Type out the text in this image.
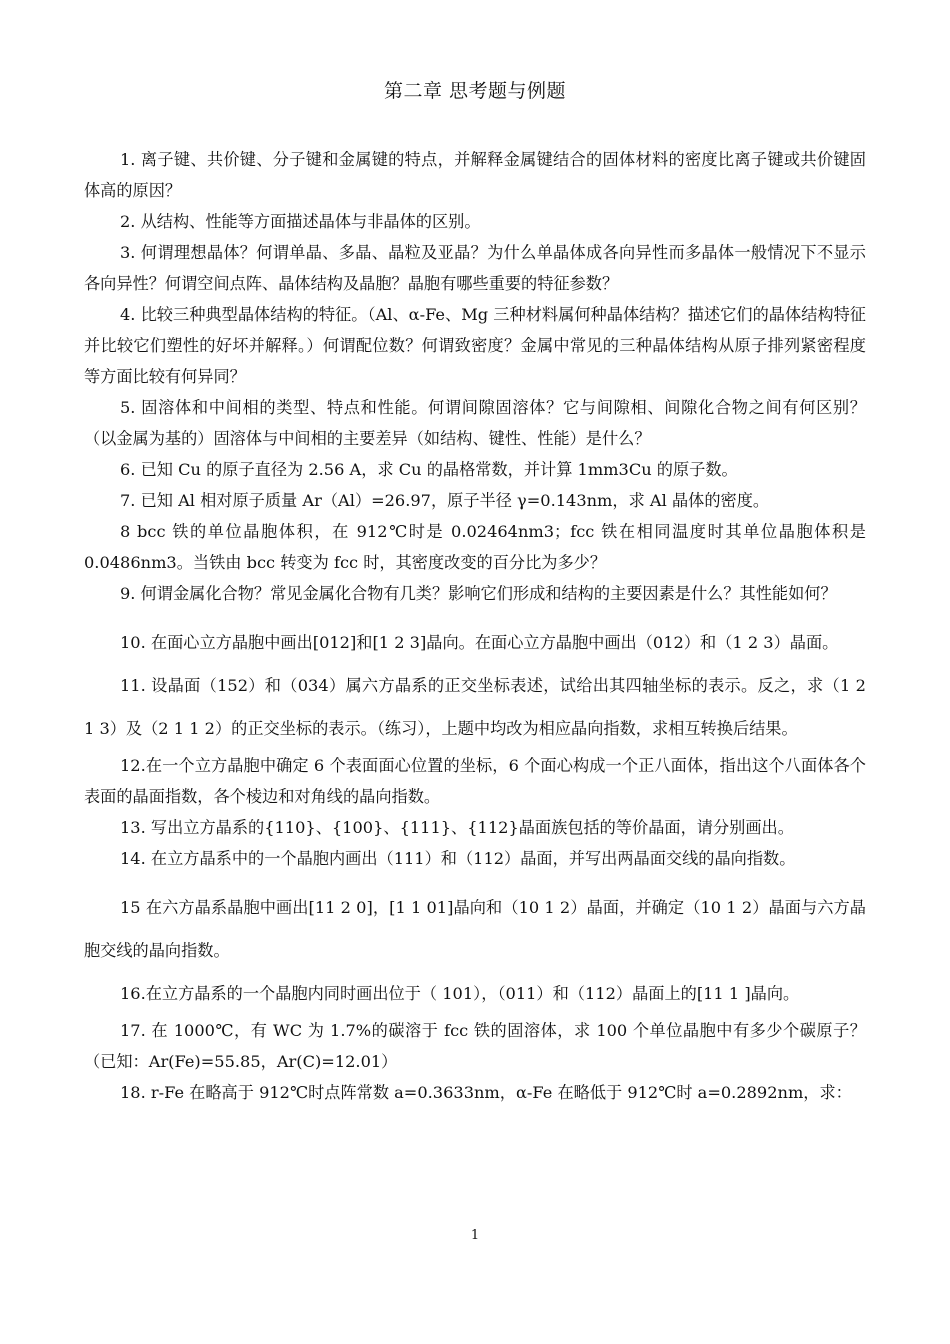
第二章 思考题与例题

1. 离子键、共价键、分子键和金属键的特点，并解释金属键结合的固体材料的密度比离子键或共价键固体高的原因？

2. 从结构、性能等方面描述晶体与非晶体的区别。

3. 何谓理想晶体？何谓单晶、多晶、晶粒及亚晶？为什么单晶体成各向异性而多晶体一般情况下不显示各向异性？何谓空间点阵、晶体结构及晶胞？晶胞有哪些重要的特征参数？

4. 比较三种典型晶体结构的特征。（Al、α-Fe、Mg 三种材料属何种晶体结构？描述它们的晶体结构特征并比较它们塑性的好坏并解释。）何谓配位数？何谓致密度？金属中常见的三种晶体结构从原子排列紧密程度等方面比较有何异同？

5. 固溶体和中间相的类型、特点和性能。何谓间隙固溶体？它与间隙相、间隙化合物之间有何区别？（以金属为基的）固溶体与中间相的主要差异（如结构、键性、性能）是什么？

6. 已知 Cu 的原子直径为 2.56 A，求 Cu 的晶格常数，并计算 1mm3Cu 的原子数。

7. 已知 Al 相对原子质量 Ar（Al）=26.97，原子半径 γ=0.143nm，求 Al 晶体的密度。

8 bcc 铁的单位晶胞体积，在 912℃时是 0.02464nm3；fcc 铁在相同温度时其单位晶胞体积是 0.0486nm3。当铁由 bcc 转变为 fcc 时，其密度改变的百分比为多少？

9. 何谓金属化合物？常见金属化合物有几类？影响它们形成和结构的主要因素是什么？其性能如何？

10. 在面心立方晶胞中画出[012]和[1 2 3]晶向。在面心立方晶胞中画出（012）和（1 2 3）晶面。

11. 设晶面（152）和（034）属六方晶系的正交坐标表述，试给出其四轴坐标的表示。反之，求（1 2 1 3）及（2 1 1 2）的正交坐标的表示。（练习），上题中均改为相应晶向指数，求相互转换后结果。

12.在一个立方晶胞中确定 6 个表面面心位置的坐标，6 个面心构成一个正八面体，指出这个八面体各个表面的晶面指数，各个棱边和对角线的晶向指数。

13. 写出立方晶系的{110}、{100}、{111}、{112}晶面族包括的等价晶面，请分别画出。

14. 在立方晶系中的一个晶胞内画出（111）和（112）晶面，并写出两晶面交线的晶向指数。

15 在六方晶系晶胞中画出[11 2 0]，[1 1 01]晶向和（10 1 2）晶面，并确定（10 1 2）晶面与六方晶胞交线的晶向指数。

16.在立方晶系的一个晶胞内同时画出位于（ 101），（011）和（112）晶面上的[11 1 ]晶向。

17. 在 1000℃，有 WC 为 1.7%的碳溶于 fcc 铁的固溶体，求 100 个单位晶胞中有多少个碳原子？（已知：Ar(Fe)=55.85，Ar(C)=12.01）

18. r-Fe 在略高于 912℃时点阵常数 a=0.3633nm，α-Fe 在略低于 912℃时 a=0.2892nm，求：

1
